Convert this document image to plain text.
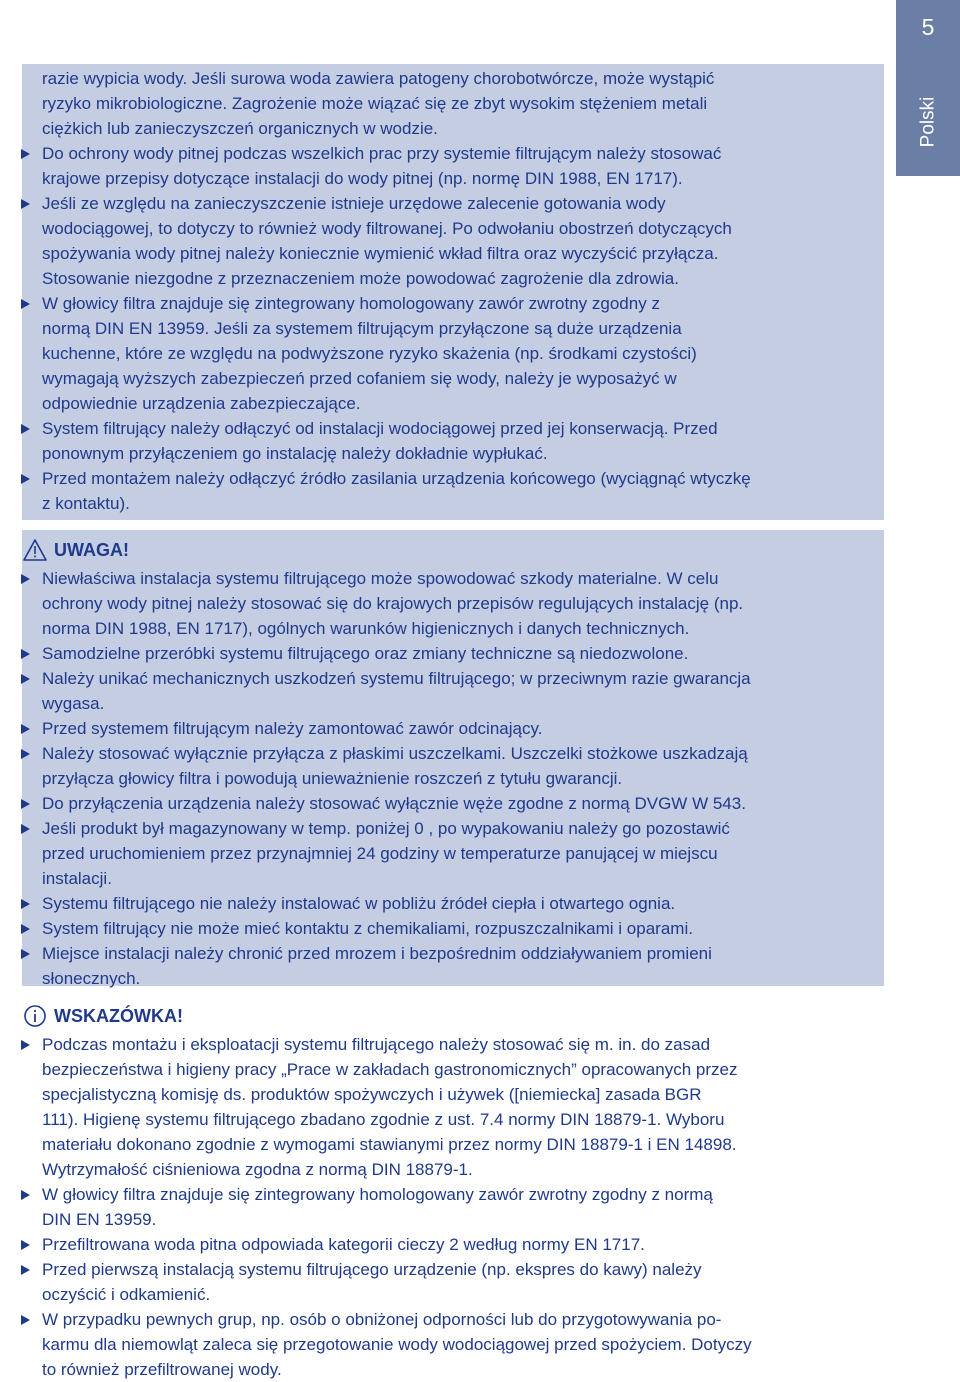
5
Polski
razie wypicia wody. Jeśli surowa woda zawiera patogeny chorobotwórcze, może wystąpić
ryzyko mikrobiologiczne. Zagrożenie może wiązać się ze zbyt wysokim stężeniem metali
ciężkich lub zanieczyszczeń organicznych w wodzie.
Do ochrony wody pitnej podczas wszelkich prac przy systemie filtrującym należy stosować
krajowe przepisy dotyczące instalacji do wody pitnej (np. normę DIN 1988, EN 1717).
Jeśli ze względu na zanieczyszczenie istnieje urzędowe zalecenie gotowania wody
wodociągowej, to dotyczy to również wody filtrowanej. Po odwołaniu obostrzeń dotyczących
spożywania wody pitnej należy koniecznie wymienić wkład filtra oraz wyczyścić przyłącza.
Stosowanie niezgodne z przeznaczeniem może powodować zagrożenie dla zdrowia.
W głowicy filtra znajduje się zintegrowany homologowany zawór zwrotny zgodny z
normą DIN EN 13959. Jeśli za systemem filtrującym przyłączone są duże urządzenia
kuchenne, które ze względu na podwyższone ryzyko skażenia (np. środkami czystości)
wymagają wyższych zabezpieczeń przed cofaniem się wody, należy je wyposażyć w
odpowiednie urządzenia zabezpieczające.
System filtrujący należy odłączyć od instalacji wodociągowej przed jej konserwacją. Przed
ponownym przyłączeniem go instalację należy dokładnie wypłukać.
Przed montażem należy odłączyć źródło zasilania urządzenia końcowego (wyciągnąć wtyczkę
z kontaktu).
UWAGA!
Niewłaściwa instalacja systemu filtrującego może spowodować szkody materialne. W celu
ochrony wody pitnej należy stosować się do krajowych przepisów regulujących instalację (np.
norma DIN 1988, EN 1717), ogólnych warunków higienicznych i danych technicznych.
Samodzielne przeróbki systemu filtrującego oraz zmiany techniczne są niedozwolone.
Należy unikać mechanicznych uszkodzeń systemu filtrującego; w przeciwnym razie gwarancja
wygasa.
Przed systemem filtrującym należy zamontować zawór odcinający.
Należy stosować wyłącznie przyłącza z płaskimi uszczelkami. Uszczelki stożkowe uszkadzają
przyłącza głowicy filtra i powodują unieważnienie roszczeń z tytułu gwarancji.
Do przyłączenia urządzenia należy stosować wyłącznie węże zgodne z normą DVGW W 543.
Jeśli produkt był magazynowany w temp. poniżej 0 , po wypakowaniu należy go pozostawić
przed uruchomieniem przez przynajmniej 24 godziny w temperaturze panującej w miejscu
instalacji.
Systemu filtrującego nie należy instalować w pobliżu źródeł ciepła i otwartego ognia.
System filtrujący nie może mieć kontaktu z chemikaliami, rozpuszczalnikami i oparami.
Miejsce instalacji należy chronić przed mrozem i bezpośrednim oddziaływaniem promieni
słonecznych.
WSKAZÓWKA!
Podczas montażu i eksploatacji systemu filtrującego należy stosować się m. in. do zasad
bezpieczeństwa i higieny pracy „Prace w zakładach gastronomicznych” opracowanych przez
specjalistyczną komisję ds. produktów spożywczych i używek ([niemiecka] zasada BGR
111). Higienę systemu filtrującego zbadano zgodnie z ust. 7.4 normy DIN 18879-1. Wyboru
materiału dokonano zgodnie z wymogami stawianymi przez normy DIN 18879-1 i EN 14898.
Wytrzymałość ciśnieniowa zgodna z normą DIN 18879-1.
W głowicy filtra znajduje się zintegrowany homologowany zawór zwrotny zgodny z normą
DIN EN 13959.
Przefiltrowana woda pitna odpowiada kategorii cieczy 2 według normy EN 1717.
Przed pierwszą instalacją systemu filtrującego urządzenie (np. ekspres do kawy) należy
oczyścić i odkamienić.
W przypadku pewnych grup, np. osób o obniżonej odporności lub do przygotowywania po-
karmu dla niemowląt zaleca się przegotowanie wody wodociągowej przed spożyciem. Dotyczy
to również przefiltrowanej wody.
